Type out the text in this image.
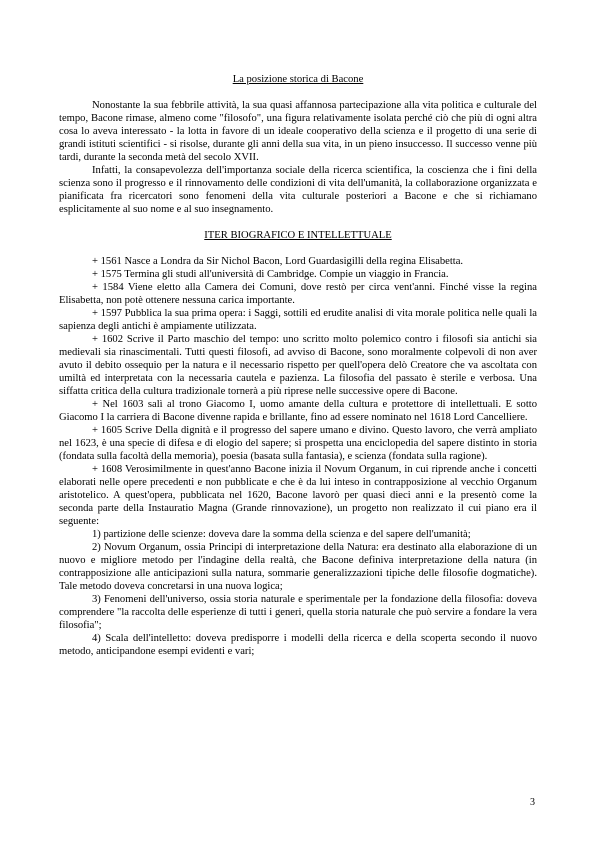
La posizione storica di Bacone

Nonostante la sua febbrile attività, la sua quasi affannosa partecipazione alla vita politica e culturale del tempo, Bacone rimase, almeno come "filosofo", una figura relativamente isolata perché ciò che più di ogni altra cosa lo aveva interessato - la lotta in favore di un ideale cooperativo della scienza e il progetto di una serie di grandi istituti scientifici - si risolse, durante gli anni della sua vita, in un pieno insuccesso. Il successo venne più tardi, durante la seconda metà del secolo XVII.

Infatti, la consapevolezza dell'importanza sociale della ricerca scientifica, la coscienza che i fini della scienza sono il progresso e il rinnovamento delle condizioni di vita dell'umanità, la collaborazione organizzata e pianificata fra ricercatori sono fenomeni della vita culturale posteriori a Bacone e che si richiamano esplicitamente al suo nome e al suo insegnamento.

ITER BIOGRAFICO E INTELLETTUALE

+ 1561 Nasce a Londra da Sir Nichol Bacon, Lord Guardasigilli della regina Elisabetta.

+ 1575 Termina gli studi all'università di Cambridge. Compie un viaggio in Francia.

+ 1584 Viene eletto alla Camera dei Comuni, dove restò per circa vent'anni. Finché visse la regina Elisabetta, non potè ottenere nessuna carica importante.

+ 1597 Pubblica la sua prima opera: i Saggi, sottili ed erudite analisi di vita morale politica nelle quali la sapienza degli antichi è ampiamente utilizzata.

+ 1602 Scrive il Parto maschio del tempo: uno scritto molto polemico contro i filosofi sia antichi sia medievali sia rinascimentali. Tutti questi filosofi, ad avviso di Bacone, sono moralmente colpevoli di non aver avuto il debito ossequio per la natura e il necessario rispetto per quell'opera delò Creatore che va ascoltata con umiltà ed interpretata con la necessaria cautela e pazienza. La filosofia del passato è sterile e verbosa. Una siffatta critica della cultura tradizionale tornerà a più riprese nelle successive opere di Bacone.

+ Nel 1603 salì al trono Giacomo I, uomo amante della cultura e protettore di intellettuali. E sotto Giacomo I la carriera di Bacone divenne rapida e brillante, fino ad essere nominato nel 1618 Lord Cancelliere.

+ 1605 Scrive Della dignità e il progresso del sapere umano e divino. Questo lavoro, che verrà ampliato nel 1623, è una specie di difesa e di elogio del sapere; si prospetta una enciclopedia del sapere distinto in storia (fondata sulla facoltà della memoria), poesia (basata sulla fantasia), e scienza (fondata sulla ragione).

+ 1608 Verosimilmente in quest'anno Bacone inizia il Novum Organum, in cui riprende anche i concetti elaborati nelle opere precedenti e non pubblicate e che è da lui inteso in contrapposizione al vecchio Organum aristotelico. A quest'opera, pubblicata nel 1620, Bacone lavorò per quasi dieci anni e la presentò come la seconda parte della Instauratio Magna (Grande rinnovazione), un progetto non realizzato il cui piano era il seguente:

1) partizione delle scienze: doveva dare la somma della scienza e del sapere dell'umanità;

2) Novum Organum, ossia Principi di interpretazione della Natura: era destinato alla elaborazione di un nuovo e migliore metodo per l'indagine della realtà, che Bacone definiva interpretazione della natura (in contrapposizione alle anticipazioni sulla natura, sommarie generalizzazioni tipiche delle filosofie dogmatiche). Tale metodo doveva concretarsi in una nuova logica;

3) Fenomeni dell'universo, ossia storia naturale e sperimentale per la fondazione della filosofia: doveva comprendere "la raccolta delle esperienze di tutti i generi, quella storia naturale che può servire a fondare la vera filosofia";

4) Scala dell'intelletto: doveva predisporre i modelli della ricerca e della scoperta secondo il nuovo metodo, anticipandone esempi evidenti e vari;

3
